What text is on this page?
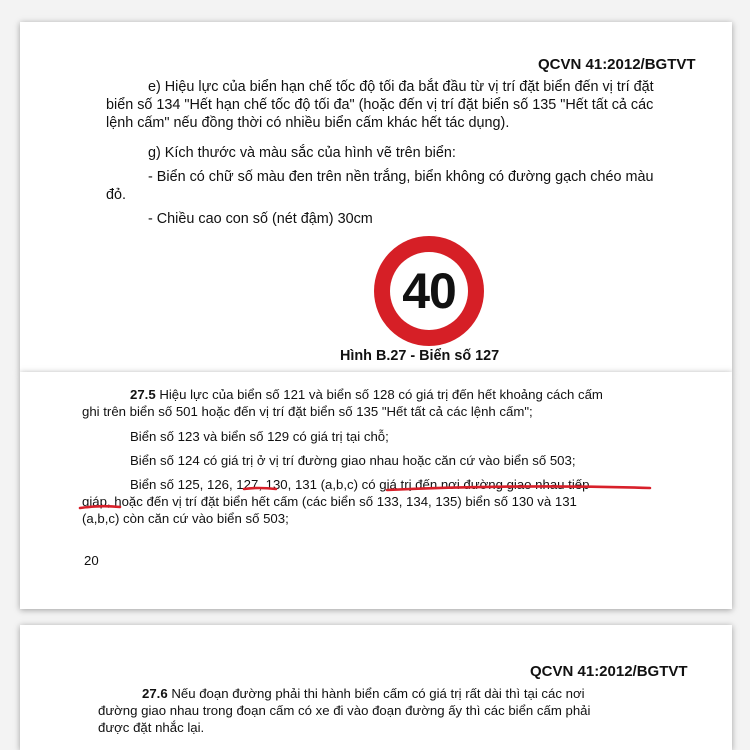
QCVN 41:2012/BGTVT
e) Hiệu lực của biển hạn chế tốc độ tối đa bắt đầu từ vị trí đặt biển đến vị trí đặt
biển số 134 "Hết hạn chế tốc độ tối đa" (hoặc đến vị trí đặt biển số 135 "Hết tất cả các
lệnh cấm" nếu đồng thời có nhiều biển cấm khác hết tác dụng).
g) Kích thước và màu sắc của hình vẽ trên biển:
- Biển có chữ số màu đen trên nền trắng, biển không có đường gạch chéo màu
đỏ.
- Chiều cao con số (nét đậm) 30cm
Hình B.27 - Biển số 127
40
27.5 Hiệu lực của biển số 121 và biển số 128 có giá trị đến hết khoảng cách cấm
ghi trên biển số 501 hoặc đến vị trí đặt biển số 135 "Hết tất cả các lệnh cấm";
Biển số 123 và biển số 129 có giá trị tại chỗ;
Biển số 124 có giá trị ở vị trí đường giao nhau hoặc căn cứ vào biển số 503;
Biển số 125, 126, 127, 130, 131 (a,b,c) có giá trị đến nơi đường giao nhau tiếp
giáp, hoặc đến vị trí đặt biển hết cấm (các biển số 133, 134, 135) biển số 130 và 131
(a,b,c) còn căn cứ vào biển số 503;
20
QCVN 41:2012/BGTVT
27.6 Nếu đoạn đường phải thi hành biển cấm có giá trị rất dài thì tại các nơi
đường giao nhau trong đoạn cấm có xe đi vào đoạn đường ấy thì các biển cấm phải
được đặt nhắc lại.
